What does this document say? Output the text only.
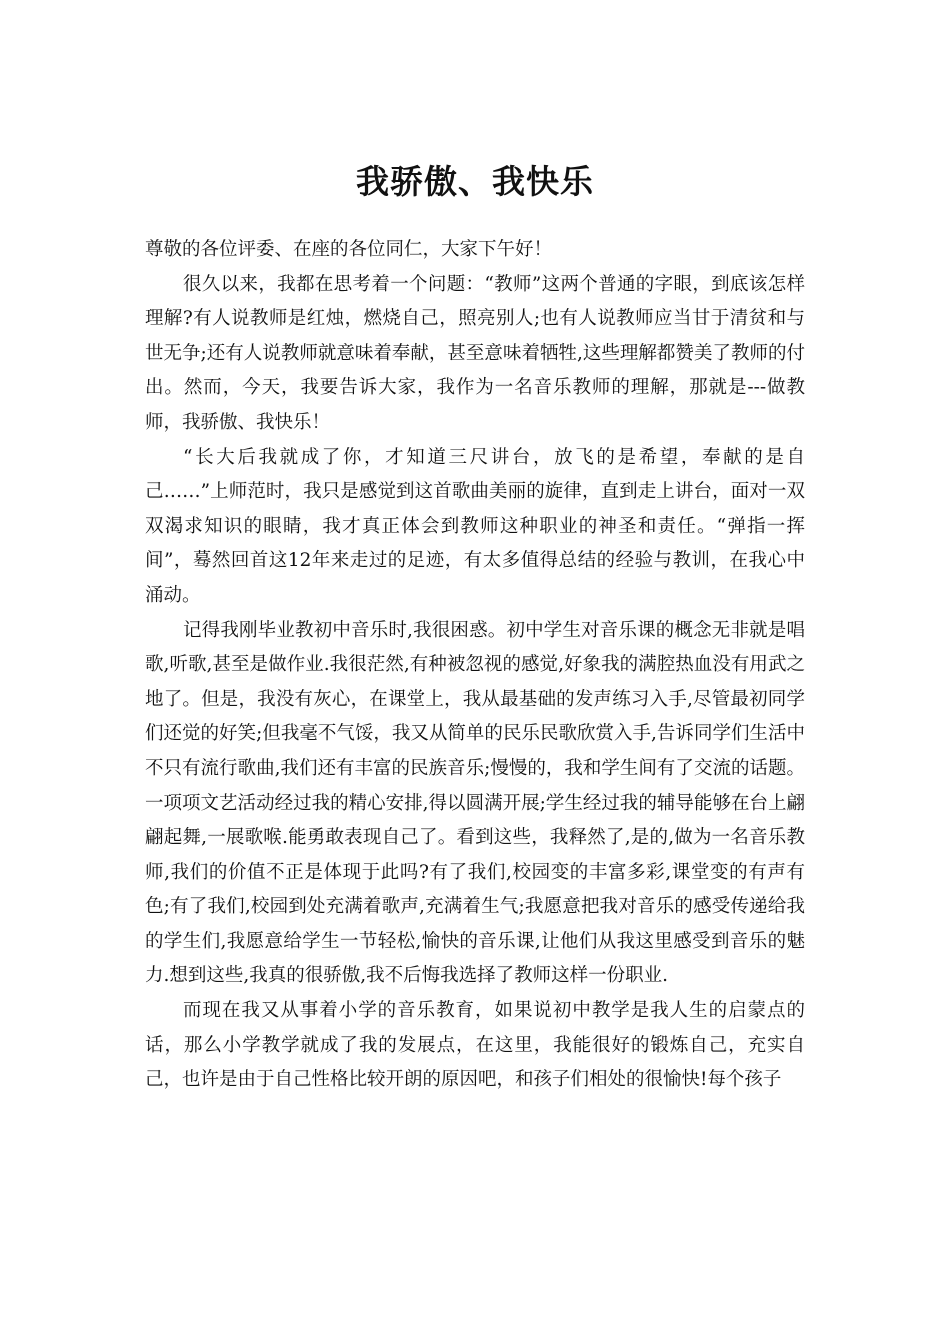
我骄傲、我快乐

尊敬的各位评委、在座的各位同仁，大家下午好！

很久以来，我都在思考着一个问题：“教师”这两个普通的字眼，到底该怎样理解?有人说教师是红烛，燃烧自己，照亮别人;也有人说教师应当甘于清贫和与世无争;还有人说教师就意味着奉献，甚至意味着牺牲,这些理解都赞美了教师的付出。然而，今天，我要告诉大家，我作为一名音乐教师的理解，那就是---做教师，我骄傲、我快乐！

“长大后我就成了你，才知道三尺讲台，放飞的是希望，奉献的是自己……”上师范时，我只是感觉到这首歌曲美丽的旋律，直到走上讲台，面对一双双渴求知识的眼睛，我才真正体会到教师这种职业的神圣和责任。“弹指一挥间”，蓦然回首这12年来走过的足迹，有太多值得总结的经验与教训，在我心中涌动。

记得我刚毕业教初中音乐时,我很困惑。初中学生对音乐课的概念无非就是唱歌,听歌,甚至是做作业.我很茫然,有种被忽视的感觉,好象我的满腔热血没有用武之地了。但是，我没有灰心，在课堂上，我从最基础的发声练习入手,尽管最初同学们还觉的好笑;但我毫不气馁，我又从简单的民乐民歌欣赏入手,告诉同学们生活中不只有流行歌曲,我们还有丰富的民族音乐;慢慢的，我和学生间有了交流的话题。一项项文艺活动经过我的精心安排,得以圆满开展;学生经过我的辅导能够在台上翩翩起舞,一展歌喉.能勇敢表现自己了。看到这些，我释然了,是的,做为一名音乐教师,我们的价值不正是体现于此吗?有了我们,校园变的丰富多彩,课堂变的有声有色;有了我们,校园到处充满着歌声,充满着生气;我愿意把我对音乐的感受传递给我的学生们,我愿意给学生一节轻松,愉快的音乐课,让他们从我这里感受到音乐的魅力.想到这些,我真的很骄傲,我不后悔我选择了教师这样一份职业.

而现在我又从事着小学的音乐教育，如果说初中教学是我人生的启蒙点的话，那么小学教学就成了我的发展点，在这里，我能很好的锻炼自己，充实自己，也许是由于自己性格比较开朗的原因吧，和孩子们相处的很愉快!每个孩子
